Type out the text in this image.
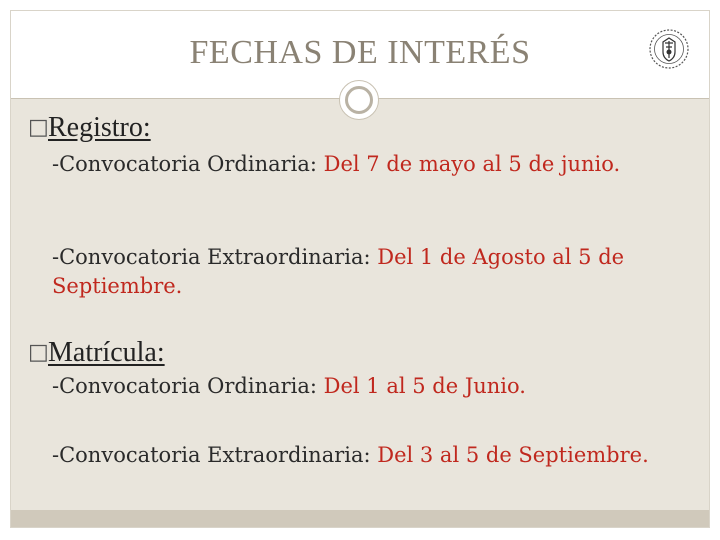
FECHAS DE INTERÉS
□Registro:
-Convocatoria Ordinaria: Del 7 de mayo al 5 de junio.
-Convocatoria Extraordinaria: Del 1 de Agosto al 5 de Septiembre.
□Matrícula:
-Convocatoria Ordinaria: Del 1 al 5 de Junio.
-Convocatoria Extraordinaria: Del 3 al 5 de Septiembre.
